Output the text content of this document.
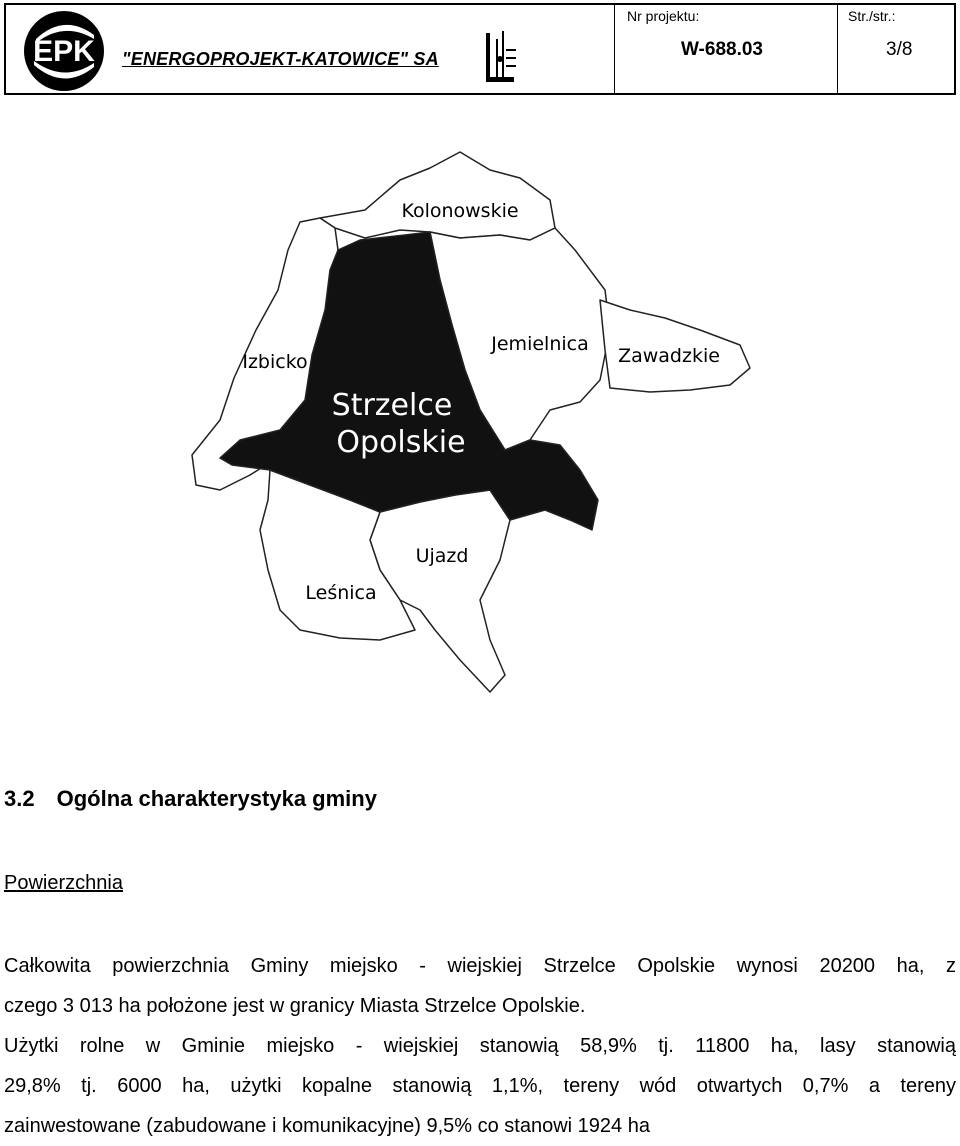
EPK "ENERGOPROJEKT-KATOWICE" SA
Nr projektu:
W-688.03
Str./str.:
3/8
Kolonowskie
Izbicko
Jemielnica
Zawadzkie
Strzelce
Opolskie
Ujazd
Leśnica
3.2 Ogólna charakterystyka gminy
Powierzchnia
Całkowita powierzchnia Gminy miejsko - wiejskiej Strzelce Opolskie wynosi 20200 ha, z
czego 3 013 ha położone jest w granicy Miasta Strzelce Opolskie.
Użytki rolne w Gminie miejsko - wiejskiej stanowią 58,9% tj. 11800 ha, lasy stanowią
29,8% tj. 6000 ha, użytki kopalne stanowią 1,1%, tereny wód otwartych 0,7% a tereny
zainwestowane (zabudowane i komunikacyjne) 9,5% co stanowi 1924 ha
